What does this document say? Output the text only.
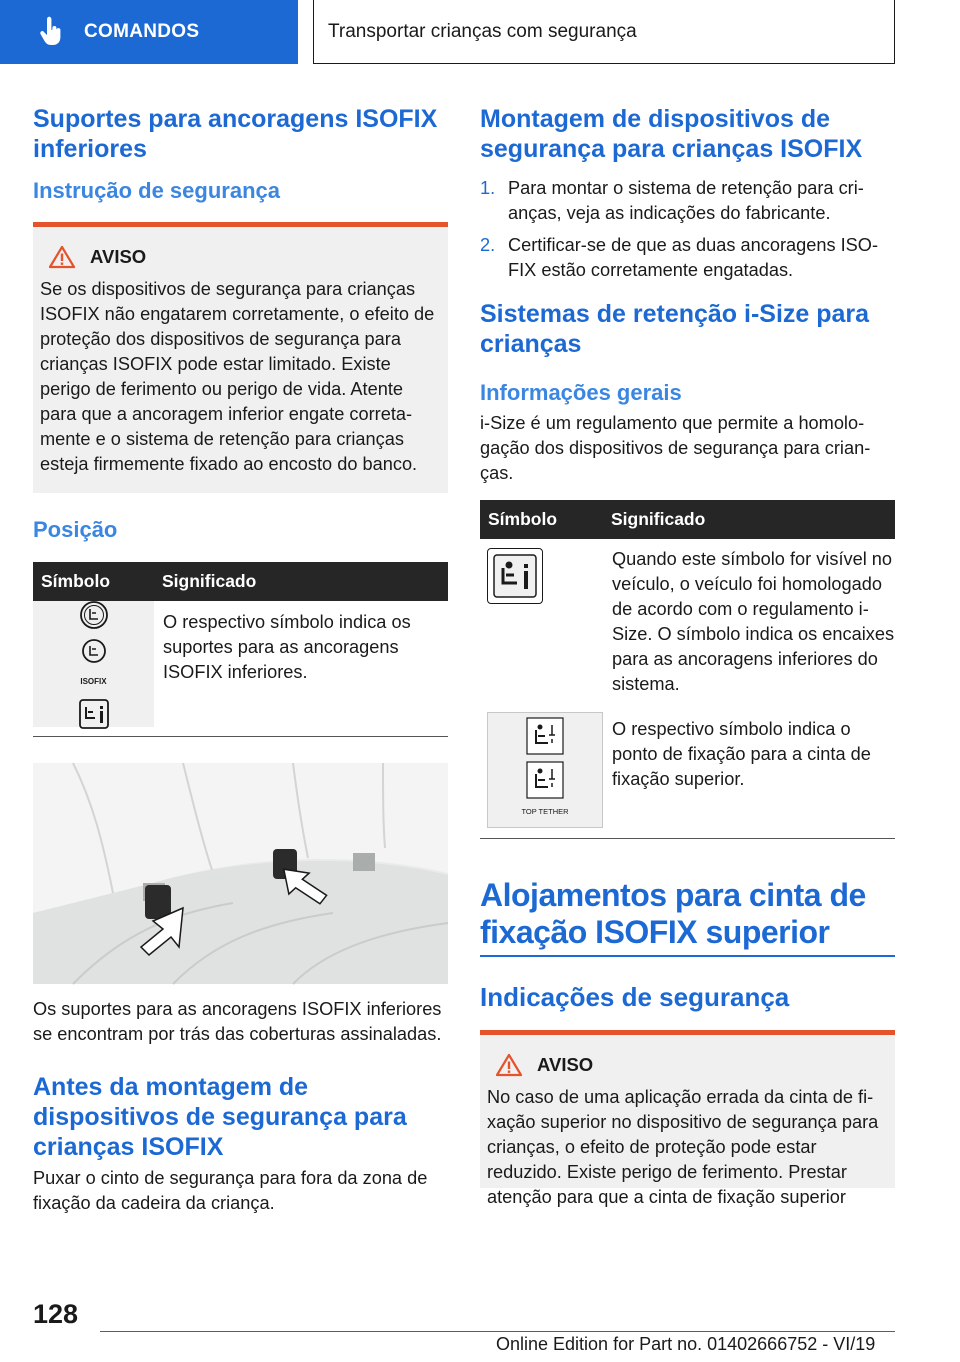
COMANDOS	Transportar crianças com segurança
Suportes para ancoragens ISOFIX inferiores
Instrução de segurança
AVISO
Se os dispositivos de segurança para crianças ISOFIX não engatarem corretamente, o efeito de proteção dos dispositivos de segurança para crianças ISOFIX pode estar limitado. Existe perigo de ferimento ou perigo de vida. Atente para que a ancoragem inferior engate corretamente e o sistema de retenção para crianças esteja firmemente fixado ao encosto do banco.
Posição
Símbolo	Significado

ISOFIX	O respectivo símbolo indica os suportes para as ancoragens ISOFIX inferiores.
Os suportes para as ancoragens ISOFIX inferiores se encontram por trás das coberturas assinaladas.
Antes da montagem de dispositivos de segurança para crianças ISOFIX
Puxar o cinto de segurança para fora da zona de fixação da cadeira da criança.
Montagem de dispositivos de segurança para crianças ISOFIX
1. Para montar o sistema de retenção para crianças, veja as indicações do fabricante.
2. Certificar-se de que as duas ancoragens ISOFIX estão corretamente engatadas.
Sistemas de retenção i-Size para crianças
Informações gerais
i-Size é um regulamento que permite a homologação dos dispositivos de segurança para crianças.
Símbolo	Significado

	Quando este símbolo for visível no veículo, o veículo foi homologado de acordo com o regulamento i-Size. O símbolo indica os encaixes para as ancoragens inferiores do sistema.

TOP TETHER	O respectivo símbolo indica o ponto de fixação para a cinta de fixação superior.
Alojamentos para cinta de fixação ISOFIX superior
Indicações de segurança
AVISO
No caso de uma aplicação errada da cinta de fixação superior no dispositivo de segurança para crianças, o efeito de proteção pode estar reduzido. Existe perigo de ferimento. Prestar atenção para que a cinta de fixação superior
128
Online Edition for Part no. 01402666752 - VI/19
